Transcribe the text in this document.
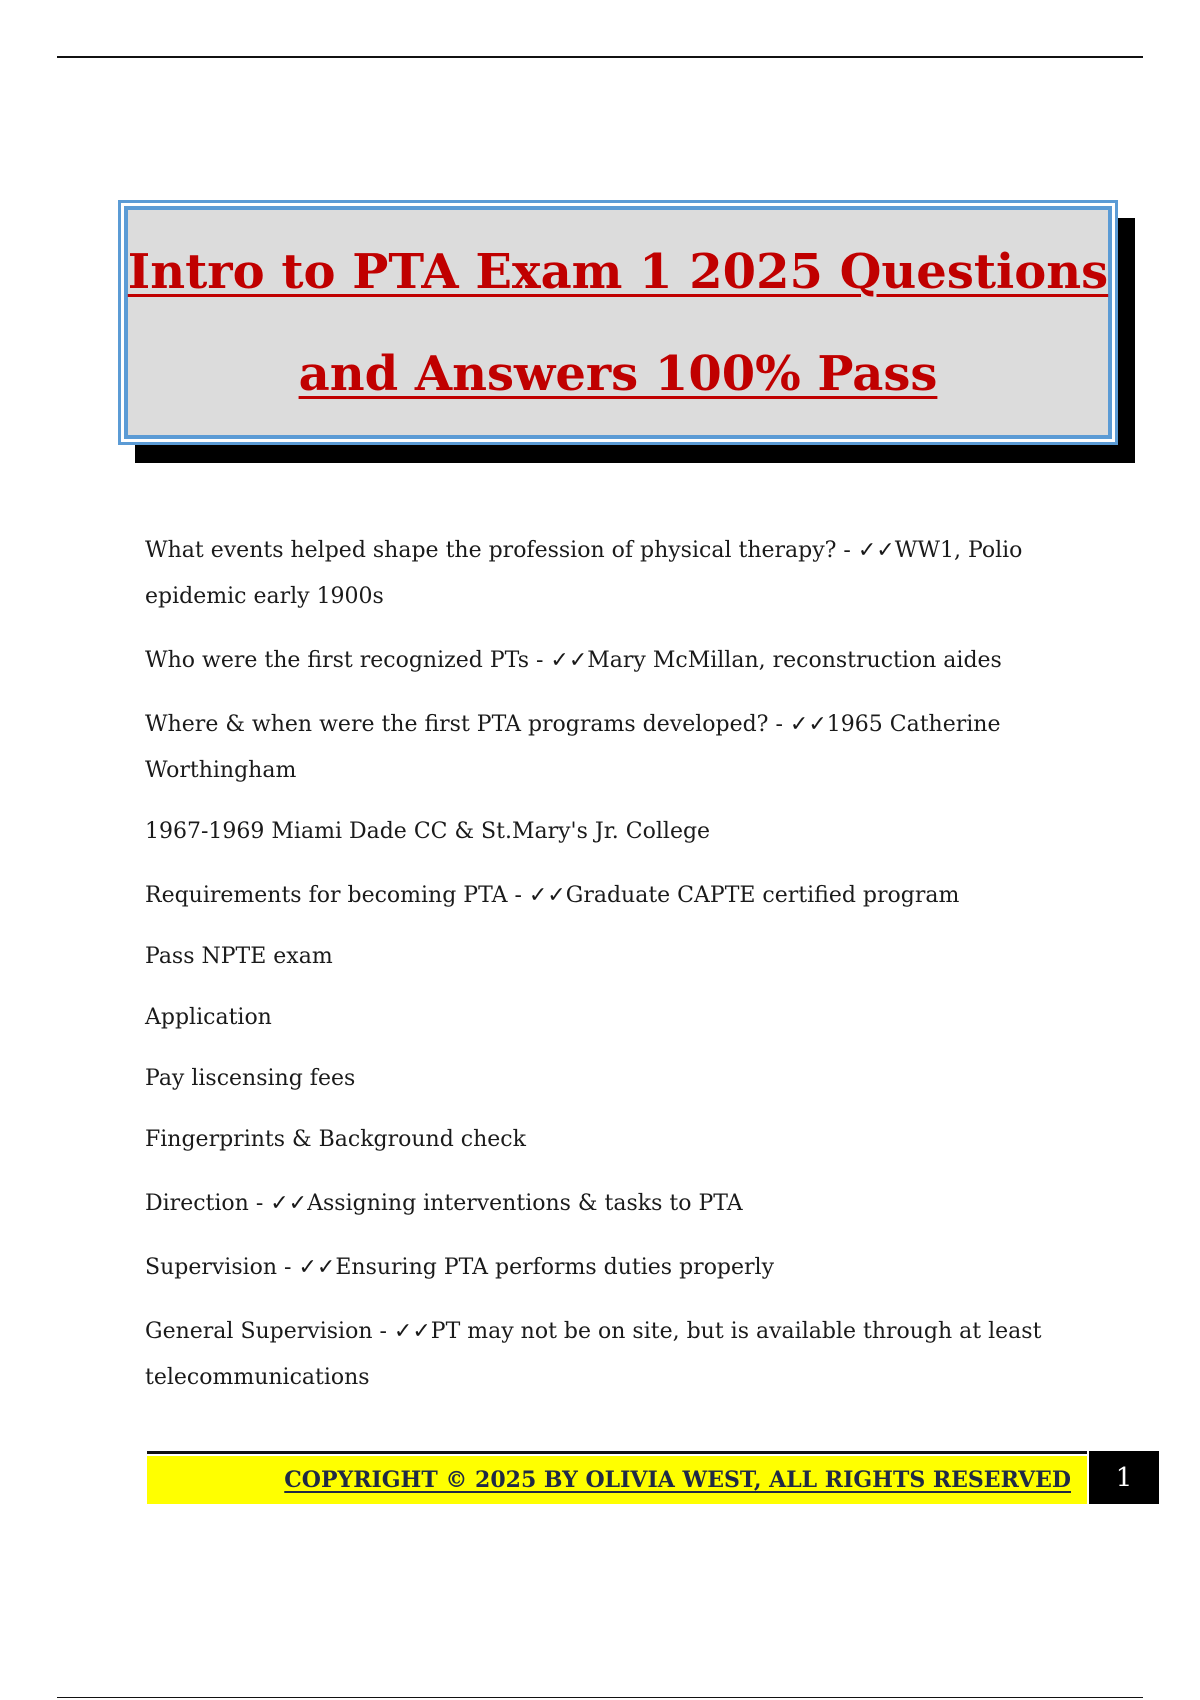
Intro to PTA Exam 1 2025 Questions
and Answers 100% Pass

What events helped shape the profession of physical therapy? - ✓✓WW1, Polio epidemic early 1900s

Who were the first recognized PTs - ✓✓Mary McMillan, reconstruction aides

Where & when were the first PTA programs developed? - ✓✓1965 Catherine Worthingham

1967-1969 Miami Dade CC & St.Mary's Jr. College

Requirements for becoming PTA - ✓✓Graduate CAPTE certified program

Pass NPTE exam

Application

Pay liscensing fees

Fingerprints & Background check

Direction - ✓✓Assigning interventions & tasks to PTA

Supervision - ✓✓Ensuring PTA performs duties properly

General Supervision - ✓✓PT may not be on site, but is available through at least telecommunications

COPYRIGHT © 2025 BY OLIVIA WEST, ALL RIGHTS RESERVED	1
